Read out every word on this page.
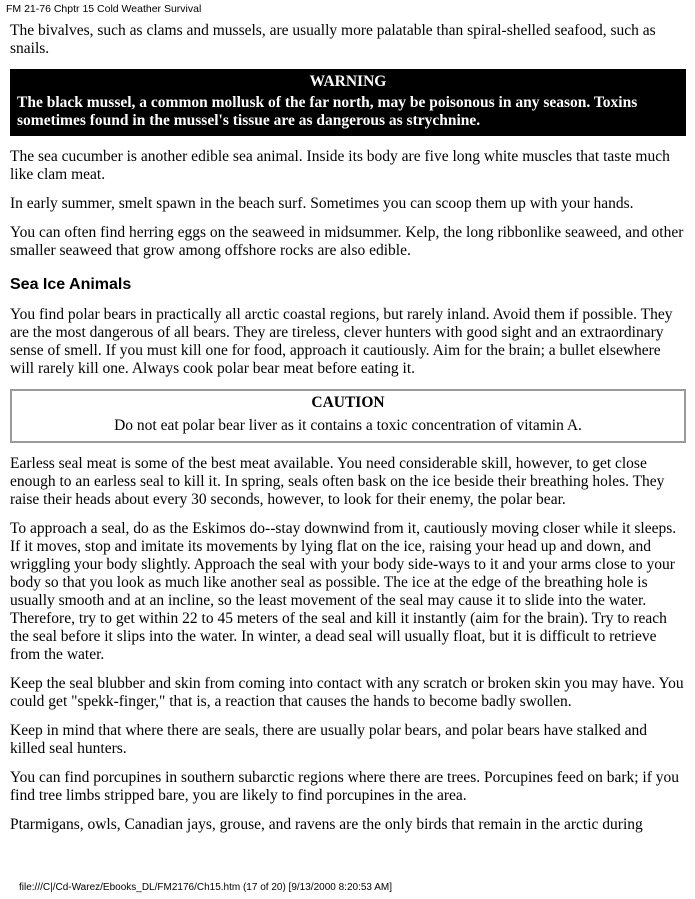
FM 21-76 Chptr 15 Cold Weather Survival

The bivalves, such as clams and mussels, are usually more palatable than spiral-shelled seafood, such as snails.

WARNING
The black mussel, a common mollusk of the far north, may be poisonous in any season. Toxins sometimes found in the mussel's tissue are as dangerous as strychnine.

The sea cucumber is another edible sea animal. Inside its body are five long white muscles that taste much like clam meat.

In early summer, smelt spawn in the beach surf. Sometimes you can scoop them up with your hands.

You can often find herring eggs on the seaweed in midsummer. Kelp, the long ribbonlike seaweed, and other smaller seaweed that grow among offshore rocks are also edible.

Sea Ice Animals

You find polar bears in practically all arctic coastal regions, but rarely inland. Avoid them if possible. They are the most dangerous of all bears. They are tireless, clever hunters with good sight and an extraordinary sense of smell. If you must kill one for food, approach it cautiously. Aim for the brain; a bullet elsewhere will rarely kill one. Always cook polar bear meat before eating it.

CAUTION
Do not eat polar bear liver as it contains a toxic concentration of vitamin A.

Earless seal meat is some of the best meat available. You need considerable skill, however, to get close enough to an earless seal to kill it. In spring, seals often bask on the ice beside their breathing holes. They raise their heads about every 30 seconds, however, to look for their enemy, the polar bear.

To approach a seal, do as the Eskimos do--stay downwind from it, cautiously moving closer while it sleeps. If it moves, stop and imitate its movements by lying flat on the ice, raising your head up and down, and wriggling your body slightly. Approach the seal with your body side-ways to it and your arms close to your body so that you look as much like another seal as possible. The ice at the edge of the breathing hole is usually smooth and at an incline, so the least movement of the seal may cause it to slide into the water. Therefore, try to get within 22 to 45 meters of the seal and kill it instantly (aim for the brain). Try to reach the seal before it slips into the water. In winter, a dead seal will usually float, but it is difficult to retrieve from the water.

Keep the seal blubber and skin from coming into contact with any scratch or broken skin you may have. You could get "spekk-finger," that is, a reaction that causes the hands to become badly swollen.

Keep in mind that where there are seals, there are usually polar bears, and polar bears have stalked and killed seal hunters.

You can find porcupines in southern subarctic regions where there are trees. Porcupines feed on bark; if you find tree limbs stripped bare, you are likely to find porcupines in the area.

Ptarmigans, owls, Canadian jays, grouse, and ravens are the only birds that remain in the arctic during

file:///C|/Cd-Warez/Ebooks_DL/FM2176/Ch15.htm (17 of 20) [9/13/2000 8:20:53 AM]
